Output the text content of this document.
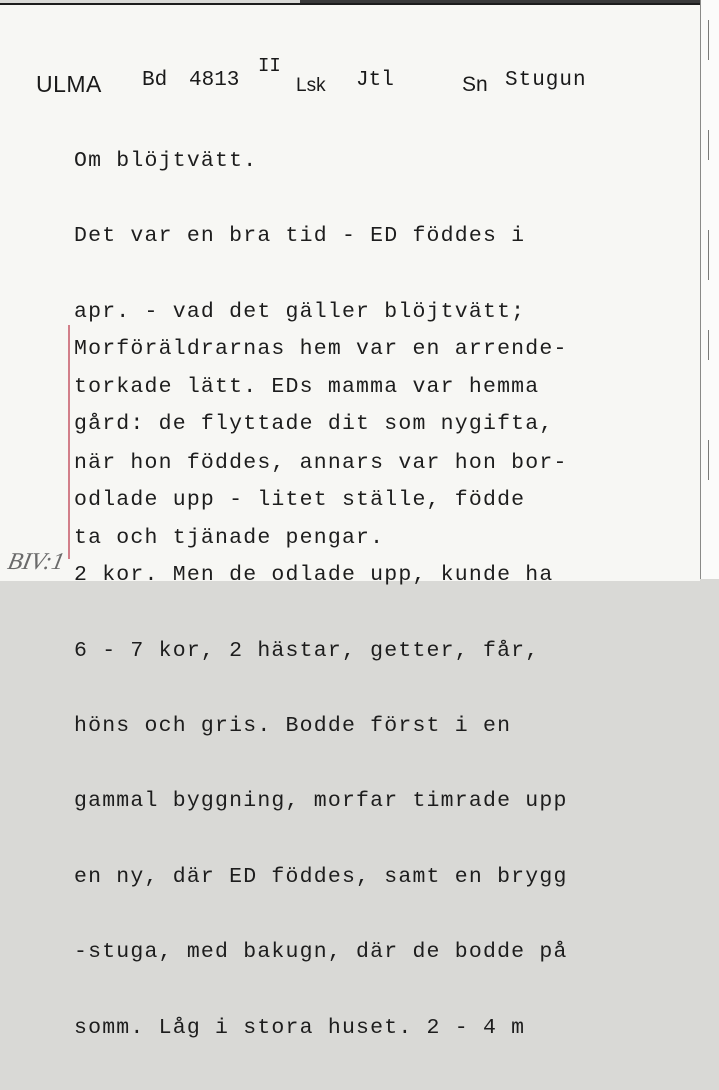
ULMA Bd 4813
II
Lsk Jtl	Sn Stugun

Om blöjtvätt.

Det var en bra tid - ED föddes i

apr. - vad det gäller blöjtvätt;

torkade lätt. EDs mamma var hemma

när hon föddes, annars var hon bor-

ta och tjänade pengar.

Morföräldrarnas hem var en arrende-

gård: de flyttade dit som nygifta,

odlade upp - litet ställe, födde

2 kor. Men de odlade upp, kunde ha

6 - 7 kor, 2 hästar, getter, får,

höns och gris. Bodde först i en

gammal byggning, morfar timrade upp

en ny, där ED föddes, samt en brygg

-stuga, med bakugn, där de bodde på

somm. Låg i stora huset. 2 - 4 m

BIV:1
